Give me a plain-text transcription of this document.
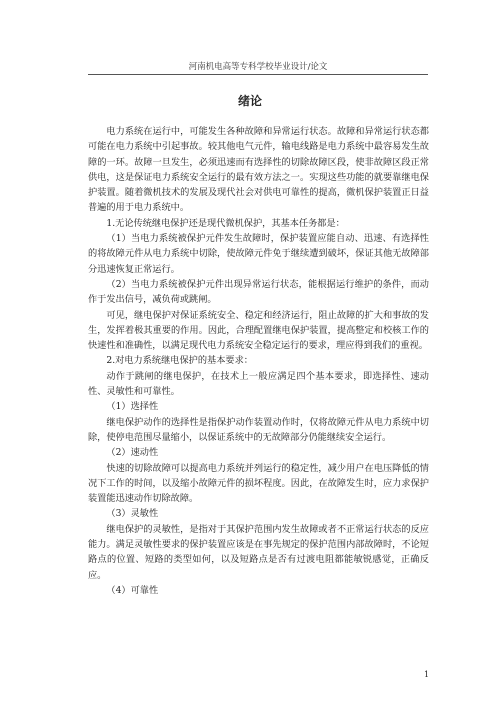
河南机电高等专科学校毕业设计/论文
绪论

电力系统在运行中，可能发生各种故障和异常运行状态。故障和异常运行状态都可能在电力系统中引起事故。较其他电气元件，输电线路是电力系统中最容易发生故障的一环。故障一旦发生，必须迅速而有选择性的切除故障区段，使非故障区段正常供电，这是保证电力系统安全运行的最有效方法之一。实现这些功能的就要靠继电保护装置。随着微机技术的发展及现代社会对供电可靠性的提高，微机保护装置正日益普遍的用于电力系统中。

1.无论传统继电保护还是现代微机保护，其基本任务都是：

（1）当电力系统被保护元件发生故障时，保护装置应能自动、迅速、有选择性的将故障元件从电力系统中切除，使故障元件免于继续遭到破坏，保证其他无故障部分迅速恢复正常运行。

（2）当电力系统被保护元件出现异常运行状态，能根据运行维护的条件，而动作于发出信号，减负荷或跳闸。

可见，继电保护对保证系统安全、稳定和经济运行，阻止故障的扩大和事故的发生，发挥着极其重要的作用。因此，合理配置继电保护装置，提高整定和校核工作的快速性和准确性，以满足现代电力系统安全稳定运行的要求，理应得到我们的重视。

2.对电力系统继电保护的基本要求：

动作于跳闸的继电保护，在技术上一般应满足四个基本要求，即选择性、速动性、灵敏性和可靠性。

（1）选择性

继电保护动作的选择性是指保护动作装置动作时，仅将故障元件从电力系统中切除，使停电范围尽量缩小，以保证系统中的无故障部分仍能继续安全运行。

（2）速动性

快速的切除故障可以提高电力系统并列运行的稳定性，减少用户在电压降低的情况下工作的时间，以及缩小故障元件的损坏程度。因此，在故障发生时，应力求保护装置能迅速动作切除故障。

（3）灵敏性

继电保护的灵敏性，是指对于其保护范围内发生故障或者不正常运行状态的反应能力。满足灵敏性要求的保护装置应该是在事先规定的保护范围内部故障时，不论短路点的位置、短路的类型如何，以及短路点是否有过渡电阻都能敏锐感觉，正确反应。

（4）可靠性

1
